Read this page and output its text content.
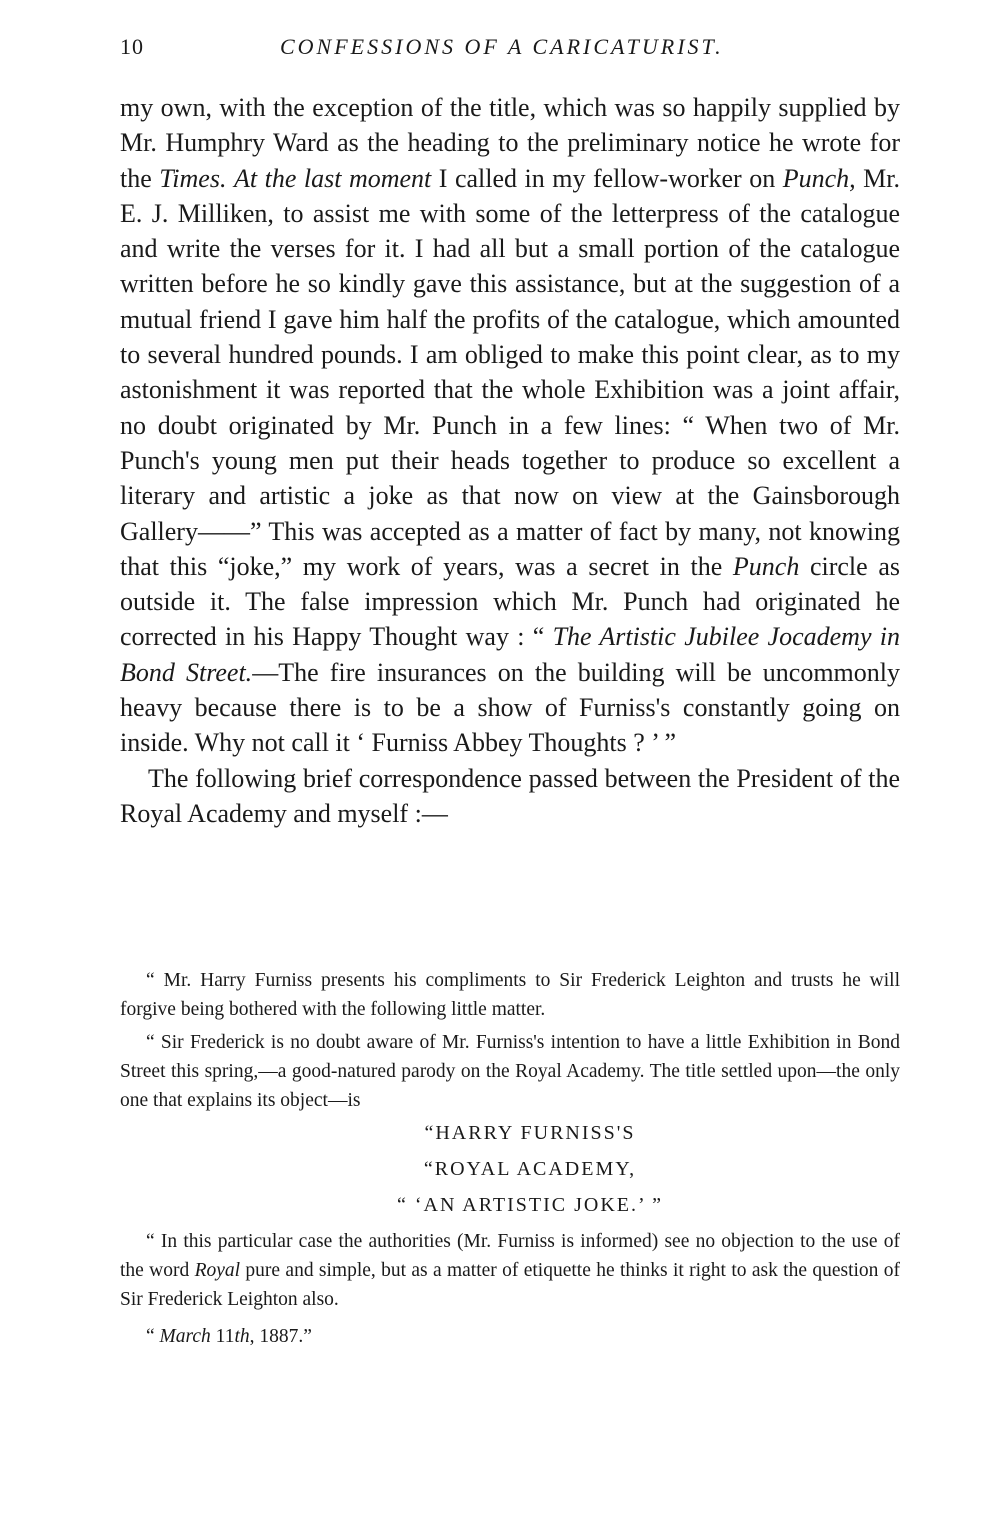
10	CONFESSIONS OF A CARICATURIST.

my own, with the exception of the title, which was so happily supplied by Mr. Humphry Ward as the heading to the preliminary notice he wrote for the Times. At the last moment I called in my fellow-worker on Punch, Mr. E. J. Milliken, to assist me with some of the letterpress of the catalogue and write the verses for it. I had all but a small portion of the catalogue written before he so kindly gave this assistance, but at the suggestion of a mutual friend I gave him half the profits of the catalogue, which amounted to several hundred pounds. I am obliged to make this point clear, as to my astonishment it was reported that the whole Exhibition was a joint affair, no doubt originated by Mr. Punch in a few lines: “ When two of Mr. Punch's young men put their heads together to produce so excellent a literary and artistic a joke as that now on view at the Gainsborough Gallery——” This was accepted as a matter of fact by many, not knowing that this “joke,” my work of years, was a secret in the Punch circle as outside it. The false impression which Mr. Punch had originated he corrected in his Happy Thought way : “ The Artistic Jubilee Jocademy in Bond Street.—The fire insurances on the building will be uncommonly heavy because there is to be a show of Furniss's constantly going on inside. Why not call it ‘ Furniss Abbey Thoughts ? ’ ”

The following brief correspondence passed between the President of the Royal Academy and myself :—

“ Mr. Harry Furniss presents his compliments to Sir Frederick Leighton and trusts he will forgive being bothered with the following little matter.

“ Sir Frederick is no doubt aware of Mr. Furniss's intention to have a little Exhibition in Bond Street this spring,—a good-natured parody on the Royal Academy. The title settled upon—the only one that explains its object—is

“HARRY FURNISS'S
“ROYAL ACADEMY,
“ ‘AN ARTISTIC JOKE.’ ”

“ In this particular case the authorities (Mr. Furniss is informed) see no objection to the use of the word Royal pure and simple, but as a matter of etiquette he thinks it right to ask the question of Sir Frederick Leighton also.

“ March 11th, 1887.”
